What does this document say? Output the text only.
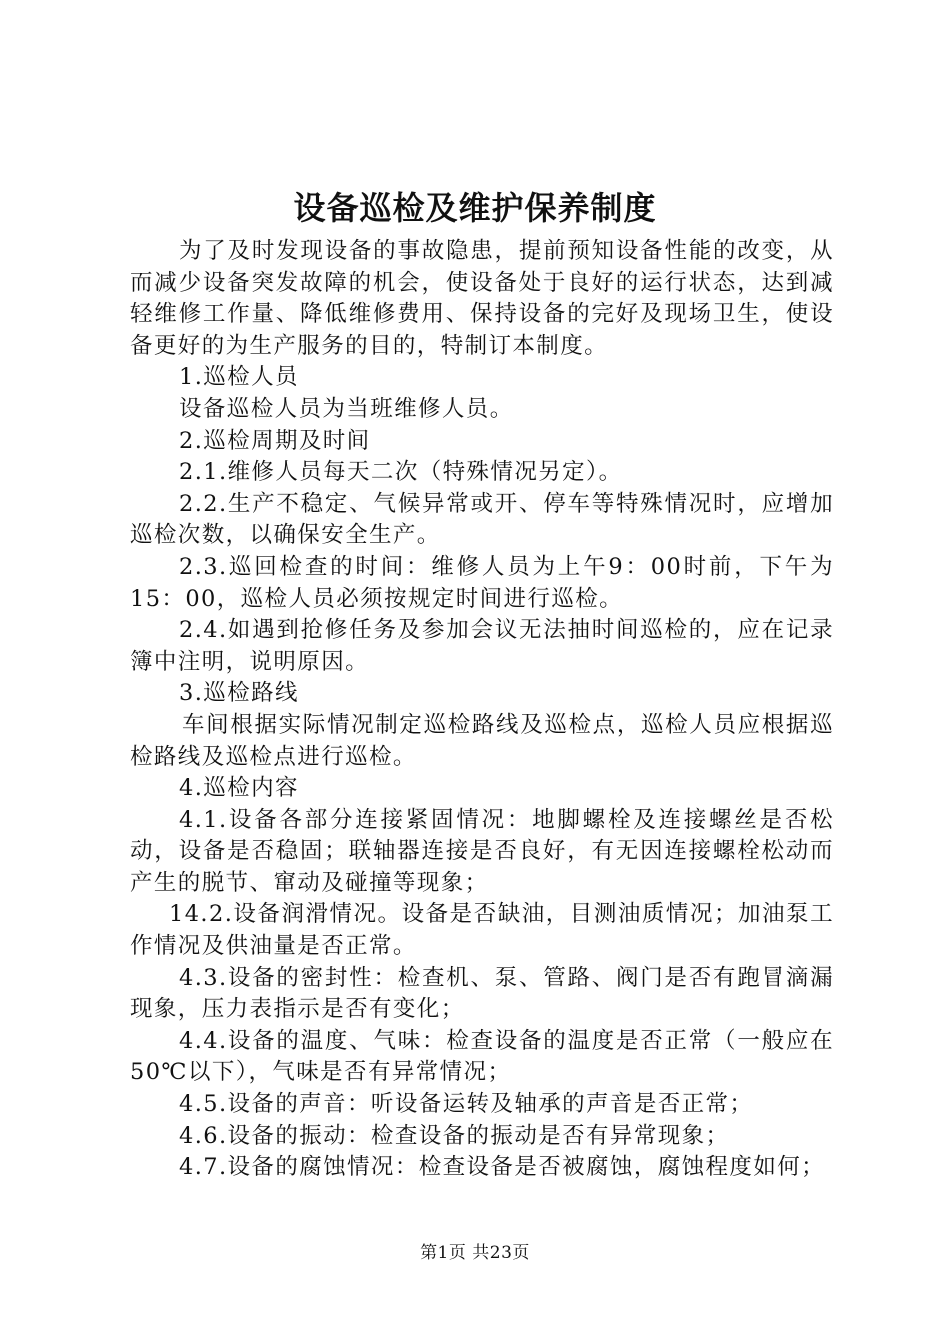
设备巡检及维护保养制度

为了及时发现设备的事故隐患，提前预知设备性能的改变，从而减少设备突发故障的机会，使设备处于良好的运行状态，达到减轻维修工作量、降低维修费用、保持设备的完好及现场卫生，使设备更好的为生产服务的目的，特制订本制度。

1.巡检人员

设备巡检人员为当班维修人员。

2.巡检周期及时间

2.1.维修人员每天二次（特殊情况另定）。

2.2.生产不稳定、气候异常或开、停车等特殊情况时，应增加巡检次数，以确保安全生产。

2.3.巡回检查的时间：维修人员为上午9：00时前，下午为15：00，巡检人员必须按规定时间进行巡检。

2.4.如遇到抢修任务及参加会议无法抽时间巡检的，应在记录簿中注明，说明原因。

3.巡检路线

车间根据实际情况制定巡检路线及巡检点，巡检人员应根据巡检路线及巡检点进行巡检。

4.巡检内容

4.1.设备各部分连接紧固情况：地脚螺栓及连接螺丝是否松动，设备是否稳固；联轴器连接是否良好，有无因连接螺栓松动而产生的脱节、窜动及碰撞等现象；

14.2.设备润滑情况。设备是否缺油，目测油质情况；加油泵工作情况及供油量是否正常。

4.3.设备的密封性：检查机、泵、管路、阀门是否有跑冒滴漏现象，压力表指示是否有变化；

4.4.设备的温度、气味：检查设备的温度是否正常（一般应在50℃以下），气味是否有异常情况；

4.5.设备的声音：听设备运转及轴承的声音是否正常；

4.6.设备的振动：检查设备的振动是否有异常现象；

4.7.设备的腐蚀情况：检查设备是否被腐蚀，腐蚀程度如何；

第1页 共23页
